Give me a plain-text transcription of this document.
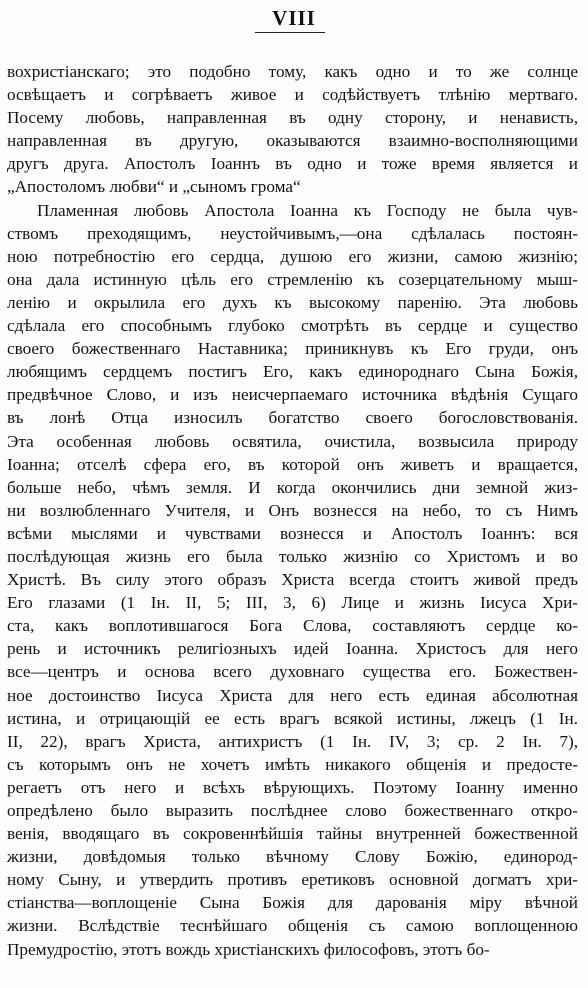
VIII
вохристіанскаго; это подобно тому, какъ одно и то же солнце
освѣщаетъ и согрѣваетъ живое и содѣйствуетъ тлѣнію мертваго.
Посему любовь, направленная въ одну сторону, и ненависть,
направленная въ другую, оказываются взаимно-восполняющими
другъ друга. Апостолъ Іоаннъ въ одно и тоже время является и
„Апостоломъ любви“ и „сыномъ грома“
Пламенная любовь Апостола Іоанна къ Господу не была чув-
ствомъ преходящимъ, неустойчивымъ,—она сдѣлалась постоян-
ною потребностію его сердца, душою его жизни, самою жизнію;
она дала истинную цѣль его стремленію къ созерцательному мыш-
ленію и окрылила его духъ къ высокому паренію. Эта любовь
сдѣлала его способнымъ глубоко смотрѣть въ сердце и существо
своего божественнаго Наставника; приникнувъ къ Его груди, онъ
любящимъ сердцемъ постигъ Его, какъ единороднаго Сына Божія,
предвѣчное Слово, и изъ неисчерпаемаго источника вѣдѣнія Сущаго
въ лонѣ Отца износилъ богатство своего богословствованія.
Эта особенная любовь освятила, очистила, возвысила природу
Іоанна; отселѣ сфера его, въ которой онъ живетъ и вращается,
больше небо, чѣмъ земля. И когда окончились дни земной жиз-
ни возлюбленнаго Учителя, и Онъ вознесся на небо, то съ Нимъ
всѣми мыслями и чувствами вознесся и Апостолъ Іоаннъ: вся
послѣдующая жизнь его была только жизнію со Христомъ и во
Христѣ. Въ силу этого образъ Христа всегда стоитъ живой предъ
Его глазами (1 Ін. II, 5; III, 3, 6) Лице и жизнь Іисуса Хри-
ста, какъ воплотившагося Бога Слова, составляютъ сердце ко-
рень и источникъ религіозныхъ идей Іоанна. Христосъ для него
все—центръ и основа всего духовнаго существа его. Божествен-
ное достоинство Іисуса Христа для него есть единая абсолютная
истина, и отрицающій ее есть врагъ всякой истины, лжецъ (1 Ін.
II, 22), врагъ Христа, антихристъ (1 Ін. IV, 3; ср. 2 Ін. 7),
съ которымъ онъ не хочетъ имѣть никакого общенія и предосте-
регаетъ отъ него и всѣхъ вѣрующихъ. Поэтому Іоанну именно
опредѣлено было выразить послѣднее слово божественнаго откро-
венія, вводящаго въ сокровеннѣйшія тайны внутренней божественной
жизни, довѣдомыя только вѣчному Слову Божію, единород-
ному Сыну, и утвердить противъ еретиковъ основной догматъ хри-
стіанства—воплощеніе Сына Божія для дарованія міру вѣчной
жизни. Вслѣдствіе теснѣйшаго общенія съ самою воплощенною
Премудростію, этотъ вождь христіанскихъ философовъ, этотъ бо-
